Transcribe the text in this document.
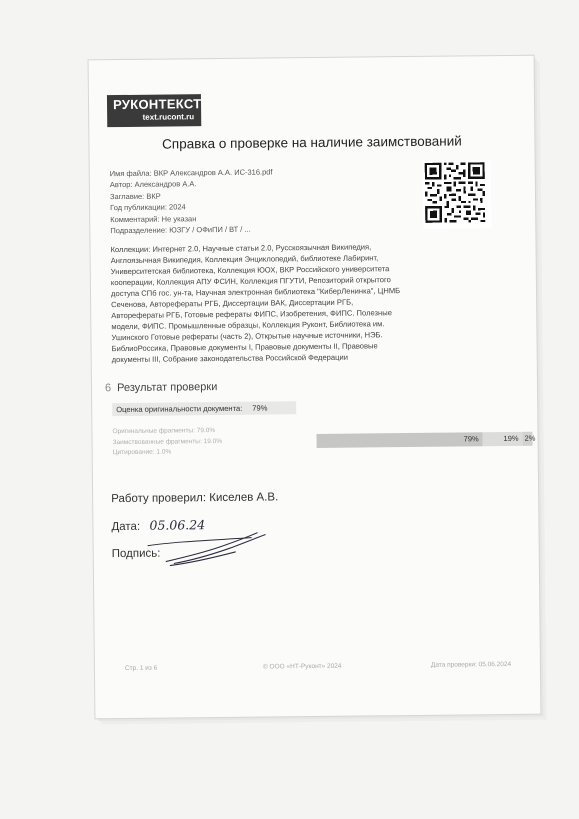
РУКОНТЕКСТ
text.rucont.ru
Справка о проверке на наличие заимствований
Имя файла: ВКР Александров А.А. ИС-316.pdf
Автор: Александров А.А.
Заглавие: ВКР
Год публикации: 2024
Комментарий: Не указан
Подразделение: ЮЗГУ / ОФиПИ / ВТ / ...
Коллекции: Интернет 2.0, Научные статьи 2.0, Русскоязычная Википедия,
Англоязычная Википедия, Коллекция Энциклопедий, библиотеке Лабиринт,
Университетская библиотека, Коллекция ЮОХ, ВКР Российского университета
кооперации, Коллекция АПУ ФСИН, Коллекция ПГУТИ, Репозиторий открытого
доступа СПб гос. ун-та, Научная электронная библиотека "КиберЛенинка", ЦНМБ
Сеченова, Авторефераты РГБ, Диссертации ВАК, Диссертации РГБ,
Авторефераты РГБ, Готовые рефераты ФИПС, Изобретения, ФИПС. Полезные
модели, ФИПС. Промышленные образцы, Коллекция Руконт, Библиотека им.
Ушинского Готовые рефераты (часть 2), Открытые научные источники, НЭБ.
БиблиоРоссика, Правовые документы I, Правовые документы II, Правовые
документы III, Собрание законодательства Российской Федерации
6 Результат проверки
Оценка оригинальности документа: 79%
Оригинальные фрагменты: 79.0%
Заимствованные фрагменты: 19.0%
Цитирование: 1.0%
79%	19% 2%
Работу проверил: Киселев А.В.
Дата: 05.06.24
Подпись:
Стр. 1 из 6	© ООО «НТ-Руконт» 2024	Дата проверки: 05.06.2024
